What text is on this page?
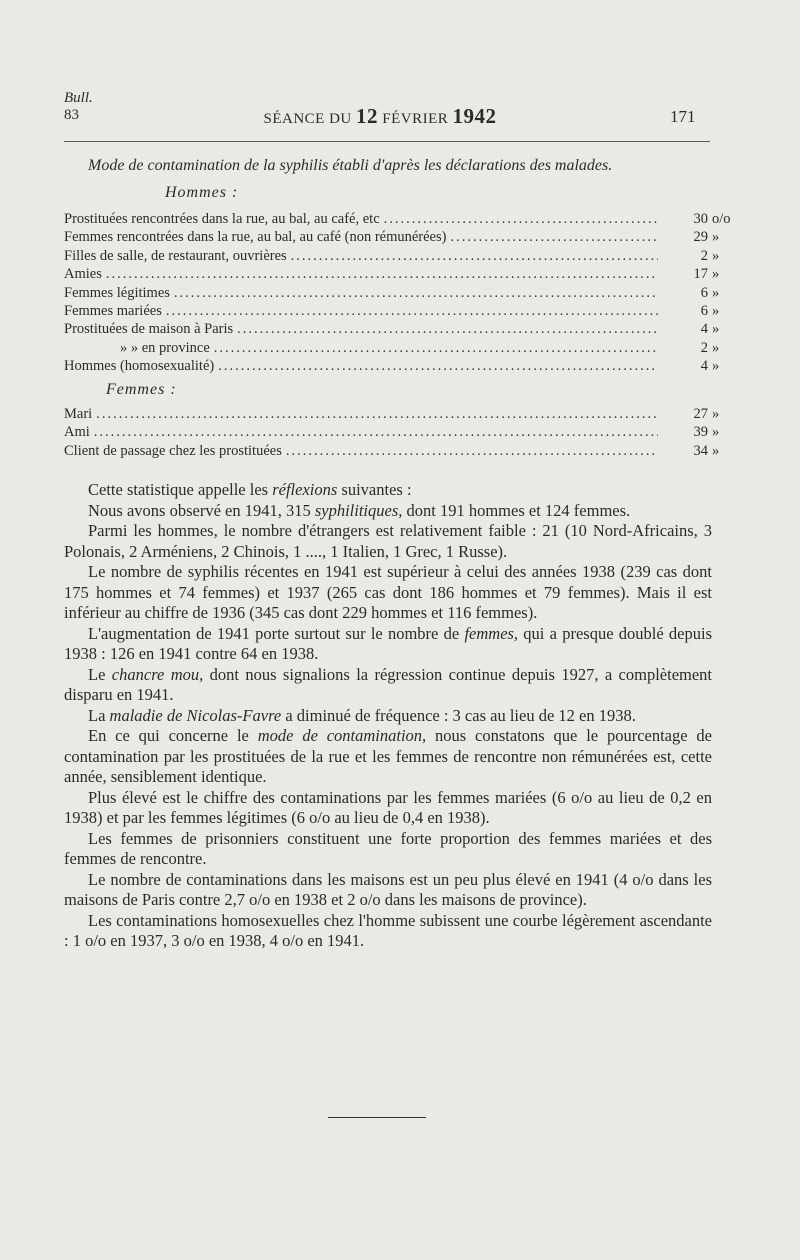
Bull.
83	SÉANCE DU 12 FÉVRIER 1942	171
Mode de contamination de la syphilis établi d'après les déclarations des malades.
Hommes :
Prostituées rencontrées dans la rue, au bal, au café, etc .....	30 o/o
Femmes rencontrées dans la rue, au bal, au café (non rémunérées) .....	29 »
Filles de salle, de restaurant, ouvrières .....	2 »
Amies .....	17 »
Femmes légitimes .....	6 »
Femmes mariées .....	6 »
Prostituées de maison à Paris .....	4 »
» » en province .....	2 »
Hommes (homosexualité) .....	4 »
Femmes :
Mari .....	27 »
Ami .....	39 »
Client de passage chez les prostituées .....	34 »

Cette statistique appelle les réflexions suivantes :

Nous avons observé en 1941, 315 syphilitiques, dont 191 hommes et 124 femmes.

Parmi les hommes, le nombre d'étrangers est relativement faible : 21 (10 Nord-Africains, 3 Polonais, 2 Arméniens, 2 Chinois, 1 ...., 1 Italien, 1 Grec, 1 Russe).

Le nombre de syphilis récentes en 1941 est supérieur à celui des années 1938 (239 cas dont 175 hommes et 74 femmes) et 1937 (265 cas dont 186 hommes et 79 femmes). Mais il est inférieur au chiffre de 1936 (345 cas dont 229 hommes et 116 femmes).

L'augmentation de 1941 porte surtout sur le nombre de femmes, qui a presque doublé depuis 1938 : 126 en 1941 contre 64 en 1938.

Le chancre mou, dont nous signalions la régression continue depuis 1927, a complètement disparu en 1941.

La maladie de Nicolas-Favre a diminué de fréquence : 3 cas au lieu de 12 en 1938.

En ce qui concerne le mode de contamination, nous constatons que le pourcentage de contamination par les prostituées de la rue et les femmes de rencontre non rémunérées est, cette année, sensiblement identique.

Plus élevé est le chiffre des contaminations par les femmes mariées (6 o/o au lieu de 0,2 en 1938) et par les femmes légitimes (6 o/o au lieu de 0,4 en 1938).

Les femmes de prisonniers constituent une forte proportion des femmes mariées et des femmes de rencontre.

Le nombre de contaminations dans les maisons est un peu plus élevé en 1941 (4 o/o dans les maisons de Paris contre 2,7 o/o en 1938 et 2 o/o dans les maisons de province).

Les contaminations homosexuelles chez l'homme subissent une courbe légèrement ascendante : 1 o/o en 1937, 3 o/o en 1938, 4 o/o en 1941.
